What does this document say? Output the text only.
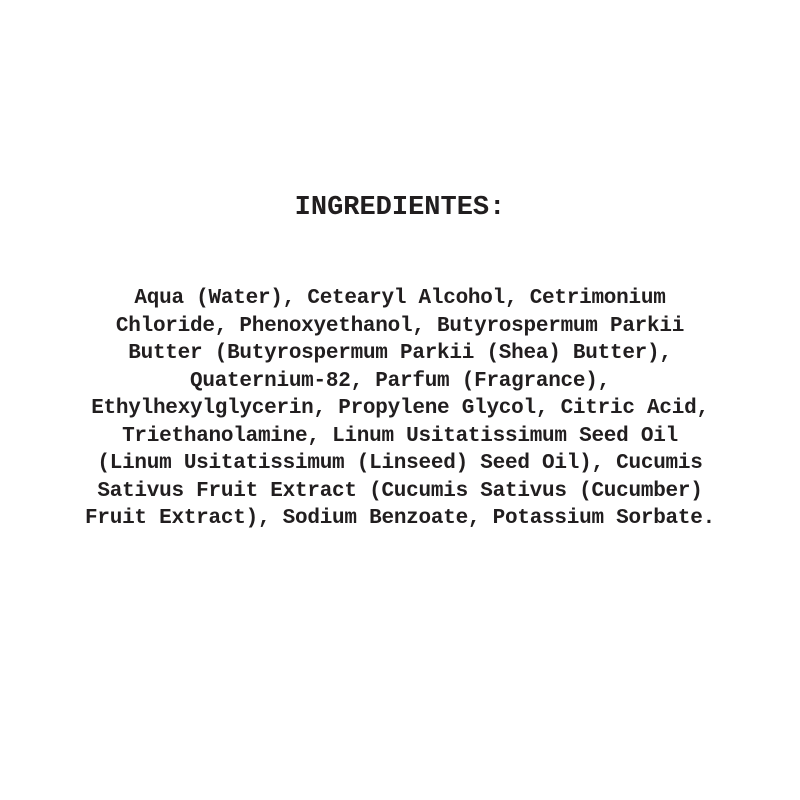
INGREDIENTES:
Aqua (Water), Cetearyl Alcohol, Cetrimonium
Chloride, Phenoxyethanol, Butyrospermum Parkii
Butter (Butyrospermum Parkii (Shea) Butter),
Quaternium-82, Parfum (Fragrance),
Ethylhexylglycerin, Propylene Glycol, Citric Acid,
Triethanolamine, Linum Usitatissimum Seed Oil
(Linum Usitatissimum (Linseed) Seed Oil), Cucumis
Sativus Fruit Extract (Cucumis Sativus (Cucumber)
Fruit Extract), Sodium Benzoate, Potassium Sorbate.
